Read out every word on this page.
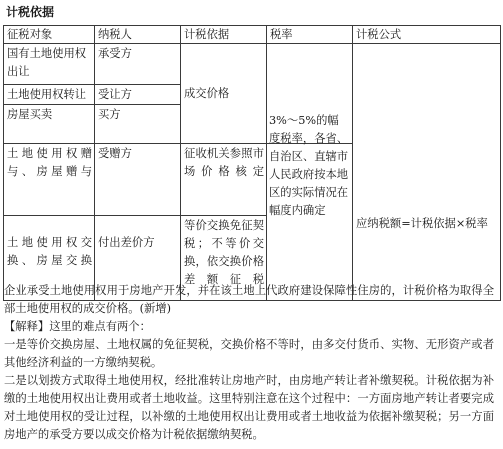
计税依据
征税对象	纳税人	计税依据	税率	计税公式
国有土地使用权出让	承受方	成交价格		应纳税额=计税依据×税率
土地使用权转让	受让方			
房屋买卖	买方			
土地使用权赠与、房屋赠与	受赠方	征收机关参照市场价格核定	3%～5%的幅度税率，各省、自治区、直辖市人民政府按本地区的实际情况在幅度内确定	

土地使用权交换、房屋交换	付出差价方	等价交换免征契税；不等价交换，依交换价格差额征税		

企业承受土地使用权用于房地产开发，并在该土地上代政府建设保障性住房的，计税价格为取得全部土地使用权的成交价格。(新增)

【解释】这里的难点有两个：

一是等价交换房屋、土地权属的免征契税，交换价格不等时，由多交付货币、实物、无形资产或者其他经济利益的一方缴纳契税。

二是以划拨方式取得土地使用权，经批准转让房地产时，由房地产转让者补缴契税。计税依据为补缴的土地使用权出让费用或者土地收益。这里特别注意在这个过程中：一方面房地产转让者要完成对土地使用权的受让过程，以补缴的土地使用权出让费用或者土地收益为依据补缴契税；另一方面房地产的承受方要以成交价格为计税依据缴纳契税。
